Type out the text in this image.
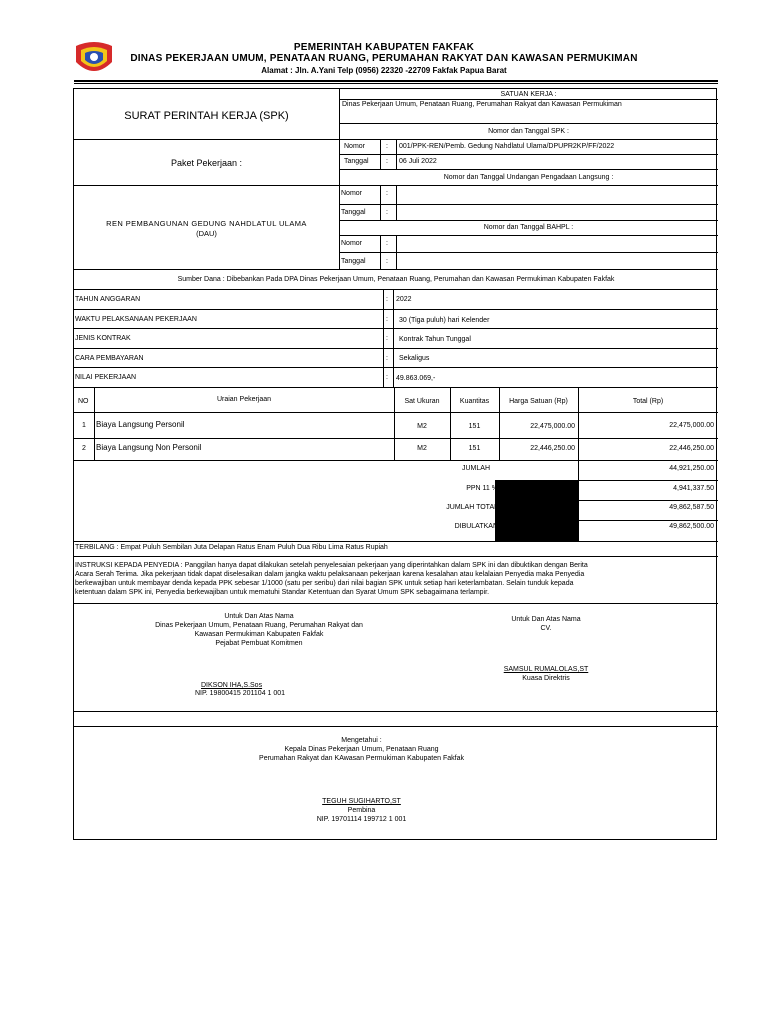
PEMERINTAH KABUPATEN FAKFAK
DINAS PEKERJAAN UMUM, PENATAAN RUANG, PERUMAHAN RAKYAT DAN KAWASAN PERMUKIMAN
Alamat : Jln. A.Yani Telp (0956) 22320 -22709 Fakfak Papua Barat
SURAT PERINTAH KERJA (SPK)
SATUAN KERJA :
Dinas Pekerjaan Umum, Penataan Ruang, Perumahan Rakyat dan Kawasan Permukiman
Nomor dan Tanggal SPK :
Paket Pekerjaan :
Nomor	: 001/PPK-REN/Pemb. Gedung Nahdlatul Ulama/DPUPR2KP/FF/2022
Tanggal : 06 Juli 2022
Nomor dan Tanggal Undangan Pengadaan Langsung :
Nomor	:
Tanggal	:
Nomor dan Tanggal BAHPL :
Nomor	:
Tanggal	:
REN PEMBANGUNAN GEDUNG NAHDLATUL ULAMA
(DAU)
Sumber Dana : Dibebankan Pada DPA Dinas Pekerjaan Umum, Penataan Ruang, Perumahan dan Kawasan Permukiman Kabupaten Fakfak
TAHUN ANGGARAN	: 2022
WAKTU PELAKSANAAN PEKERJAAN	: 30 (Tiga puluh) hari Kelender
JENIS KONTRAK	: Kontrak Tahun Tunggal
CARA PEMBAYARAN	: Sekaligus
NILAI PEKERJAAN	: 49.863.069,-
NO	Uraian Pekerjaan	Sat Ukuran	Kuantitas	Harga Satuan (Rp)	Total (Rp)
1 Biaya Langsung Personil	M2	151	22,475,000.00	22,475,000.00
2 Biaya Langsung Non Personil	M2	151	22,446,250.00	22,446,250.00
JUMLAH	44,921,250.00
PPN 11 %	4,941,337.50
JUMLAH TOTAL	49,862,587.50
DIBULATKAN	49,862,500.00
TERBILANG : Empat Puluh Sembilan Juta Delapan Ratus Enam Puluh Dua Ribu Lima Ratus Rupiah
INSTRUKSI KEPADA PENYEDIA : Panggilan hanya dapat dilakukan setelah penyelesaian pekerjaan yang diperintahkan dalam SPK ini dan dibuktikan dengan Berita
Acara Serah Terima. Jika pekerjaan tidak dapat diselesaikan dalam jangka waktu pelaksanaan pekerjaan karena kesalahan atau kelalaian Penyedia maka Penyedia
berkewajiban untuk membayar denda kepada PPK sebesar 1/1000 (satu per seribu) dari nilai bagian SPK untuk setiap hari keterlambatan. Selain tunduk kepada
ketentuan dalam SPK ini, Penyedia berkewajiban untuk mematuhi Standar Ketentuan dan Syarat Umum SPK sebagaimana terlampir.
Untuk Dan Atas Nama
Dinas Pekerjaan Umum, Penataan Ruang, Perumahan Rakyat dan
Kawasan Permukiman Kabupaten Fakfak
Pejabat Pembuat Komitmen
DIKSON IHA,S.Sos
NIP. 19800415 201104 1 001
Untuk Dan Atas Nama
CV.
SAMSUL RUMALOLAS,ST
Kuasa Direktris
Mengetahui :
Kepala Dinas Pekerjaan Umum, Penataan Ruang
Perumahan Rakyat dan KAwasan Permukiman Kabupaten Fakfak
TEGUH SUGIHARTO,ST
Pembina
NIP. 19701114 199712 1 001
